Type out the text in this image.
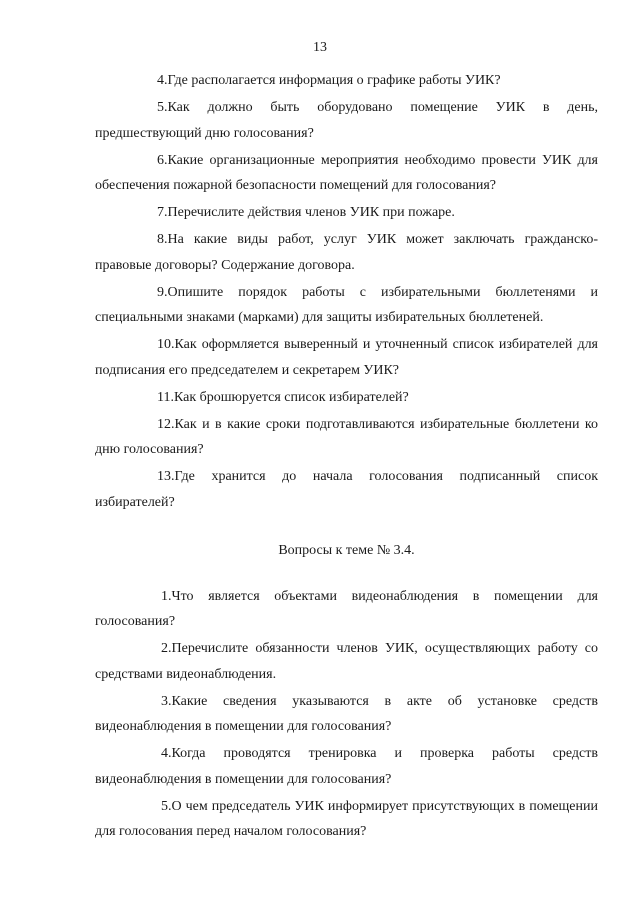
13

4.Где располагается информация о графике работы УИК?

5.Как должно быть оборудовано помещение УИК в день, предшествующий дню голосования?

6.Какие организационные мероприятия необходимо провести УИК для обеспечения пожарной безопасности помещений для голосования?

7.Перечислите действия членов УИК при пожаре.

8.На какие виды работ, услуг УИК может заключать гражданско-правовые договоры? Содержание договора.

9.Опишите порядок работы с избирательными бюллетенями и специальными знаками (марками) для защиты избирательных бюллетеней.

10.Как оформляется выверенный и уточненный список избирателей для подписания его председателем и секретарем УИК?

11.Как брошюруется список избирателей?

12.Как и в какие сроки подготавливаются избирательные бюллетени ко дню голосования?

13.Где хранится до начала голосования подписанный список избирателей?

Вопросы к теме № 3.4.

1.Что является объектами видеонаблюдения в помещении для голосования?

2.Перечислите обязанности членов УИК, осуществляющих работу со средствами видеонаблюдения.

3.Какие сведения указываются в акте об установке средств видеонаблюдения в помещении для голосования?

4.Когда проводятся тренировка и проверка работы средств видеонаблюдения в помещении для голосования?

5.О чем председатель УИК информирует присутствующих в помещении для голосования перед началом голосования?
